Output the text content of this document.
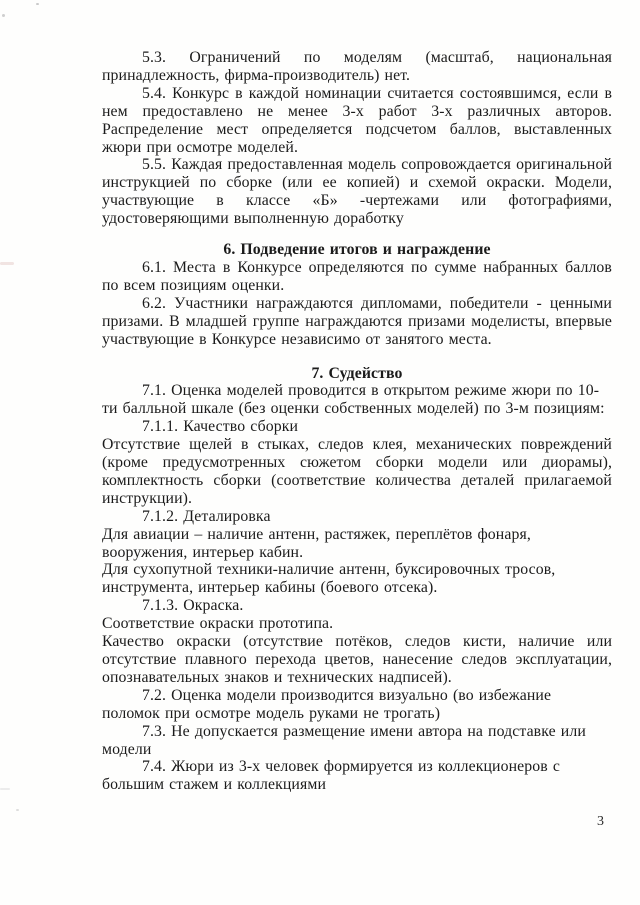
5.3. Ограничений по моделям (масштаб, национальная принадлежность, фирма-производитель) нет.

5.4. Конкурс в каждой номинации считается состоявшимся, если в нем предоставлено не менее 3-х работ 3-х различных авторов. Распределение мест определяется подсчетом баллов, выставленных жюри при осмотре моделей.

5.5. Каждая предоставленная модель сопровождается оригинальной инструкцией по сборке (или ее копией) и схемой окраски. Модели, участвующие в классе «Б» -чертежами или фотографиями, удостоверяющими выполненную доработку

6. Подведение итогов и награждение

6.1. Места в Конкурсе определяются по сумме набранных баллов по всем позициям оценки.

6.2. Участники награждаются дипломами, победители - ценными призами. В младшей группе награждаются призами моделисты, впервые участвующие в Конкурсе независимо от занятого места.

7. Судейство

7.1. Оценка моделей проводится в открытом режиме жюри по 10-ти балльной шкале (без оценки собственных моделей) по 3-м позициям:

7.1.1. Качество сборки

Отсутствие щелей в стыках, следов клея, механических повреждений (кроме предусмотренных сюжетом сборки модели или диорамы), комплектность сборки (соответствие количества деталей прилагаемой инструкции).

7.1.2. Деталировка

Для авиации – наличие антенн, растяжек, переплётов фонаря, вооружения, интерьер кабин.

Для сухопутной техники-наличие антенн, буксировочных тросов, инструмента, интерьер кабины (боевого отсека).

7.1.3. Окраска.

Соответствие окраски прототипа.

Качество окраски (отсутствие потёков, следов кисти, наличие или отсутствие плавного перехода цветов, нанесение следов эксплуатации, опознавательных знаков и технических надписей).

7.2. Оценка модели производится визуально (во избежание поломок при осмотре модель руками не трогать)

7.3. Не допускается размещение имени автора на подставке или модели

7.4. Жюри из 3-х человек формируется из коллекционеров с большим стажем и коллекциями

3
